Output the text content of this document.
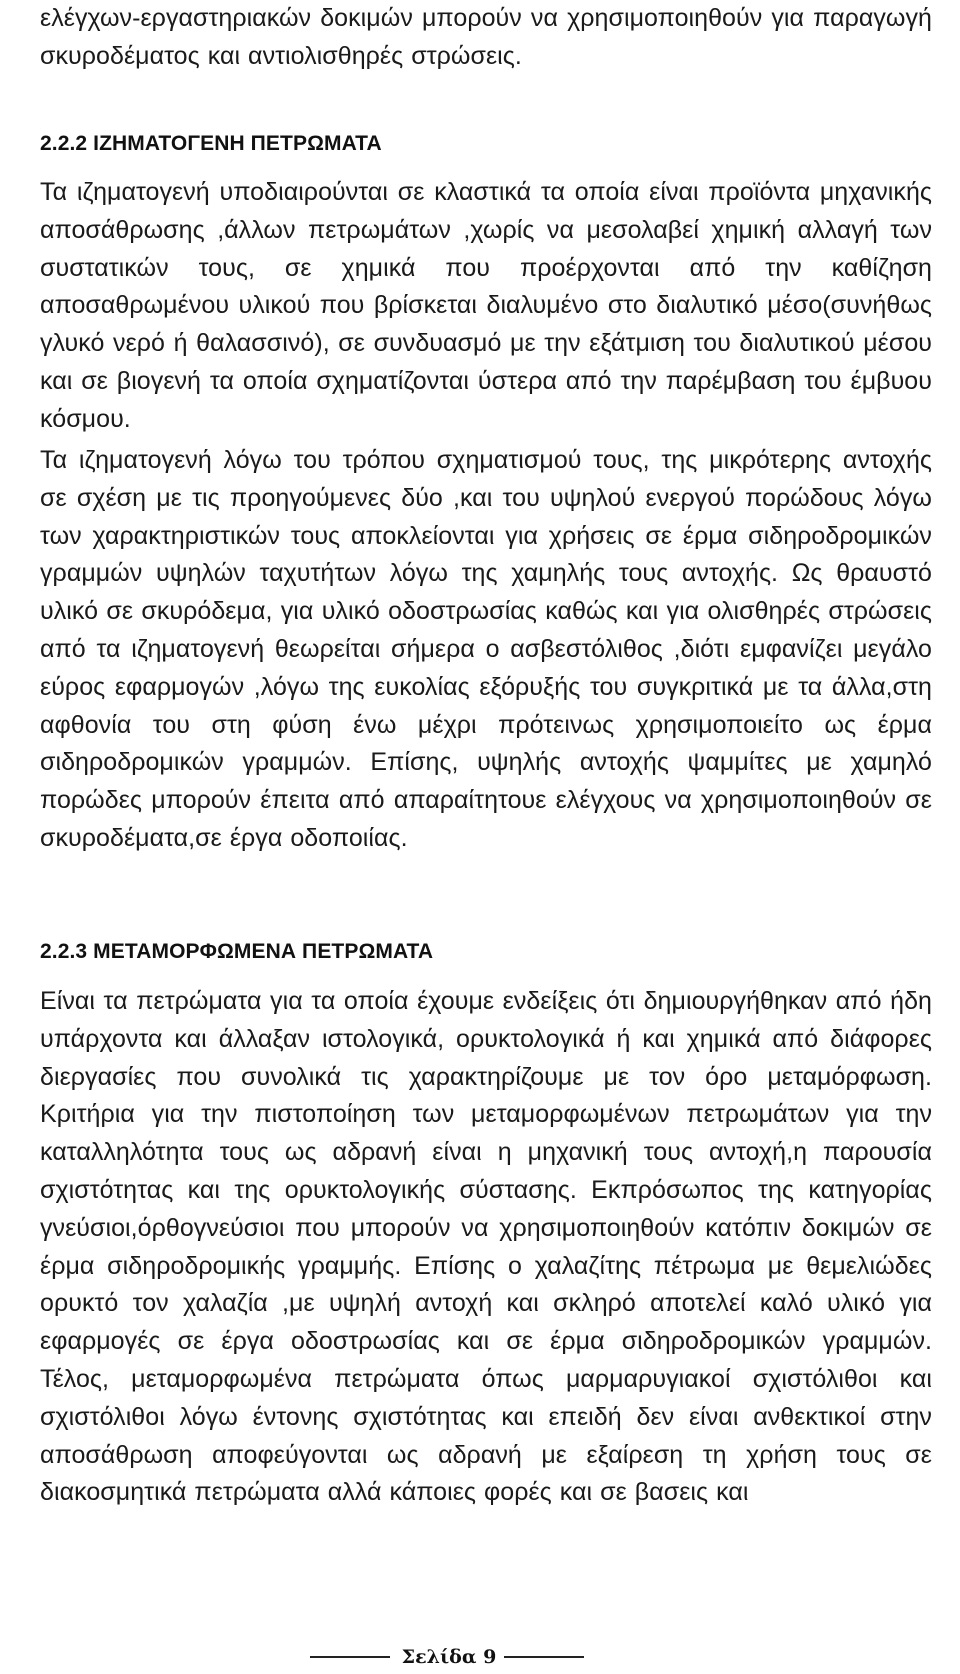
ελέγχων-εργαστηριακών δοκιμών μπορούν να χρησιμοποιηθούν για παραγωγή σκυροδέματος και αντιολισθηρές στρώσεις.

2.2.2 ΙΖΗΜΑΤΟΓΕΝΗ ΠΕΤΡΩΜΑΤΑ

Τα ιζηματογενή υποδιαιρούνται σε κλαστικά τα οποία είναι προϊόντα μηχανικής αποσάθρωσης ,άλλων πετρωμάτων ,χωρίς να μεσολαβεί χημική αλλαγή των συστατικών τους, σε χημικά που προέρχονται από την καθίζηση αποσαθρωμένου υλικού που βρίσκεται διαλυμένο στο διαλυτικό μέσο(συνήθως γλυκό νερό ή θαλασσινό), σε συνδυασμό με την εξάτμιση του διαλυτικού μέσου και σε βιογενή τα οποία σχηματίζονται ύστερα από την παρέμβαση του έμβυου κόσμου.

Τα ιζηματογενή λόγω του τρόπου σχηματισμού τους, της μικρότερης αντοχής σε σχέση με τις προηγούμενες δύο ,και του υψηλού ενεργού πορώδους λόγω των χαρακτηριστικών τους αποκλείονται για χρήσεις σε έρμα σιδηροδρομικών γραμμών υψηλών ταχυτήτων λόγω της χαμηλής τους αντοχής. Ως θραυστό υλικό σε σκυρόδεμα, για υλικό οδοστρωσίας καθώς και για ολισθηρές στρώσεις από τα ιζηματογενή θεωρείται σήμερα ο ασβεστόλιθος ,διότι εμφανίζει μεγάλο εύρος εφαρμογών ,λόγω της ευκολίας εξόρυξής του συγκριτικά με τα άλλα,στη αφθονία του στη φύση ένω μέχρι πρότεινως χρησιμοποιείτο ως έρμα σιδηροδρομικών γραμμών. Επίσης, υψηλής αντοχής ψαμμίτες με χαμηλό πορώδες μπορούν έπειτα από απαραίτητουε ελέγχους να χρησιμοποιηθούν σε σκυροδέματα,σε έργα οδοποιίας.

2.2.3 ΜΕΤΑΜΟΡΦΩΜΕΝΑ ΠΕΤΡΩΜΑΤΑ

Είναι τα πετρώματα για τα οποία έχουμε ενδείξεις ότι δημιουργήθηκαν από ήδη υπάρχοντα και άλλαξαν ιστολογικά, ορυκτολογικά ή και χημικά από διάφορες διεργασίες που συνολικά τις χαρακτηρίζουμε με τον όρο μεταμόρφωση. Κριτήρια για την πιστοποίηση των μεταμορφωμένων πετρωμάτων για την καταλληλότητα τους ως αδρανή είναι η μηχανική τους αντοχή,η παρουσία σχιστότητας και της ορυκτολογικής σύστασης. Εκπρόσωπος της κατηγορίας γνεύσιοι,όρθογνεύσιοι που μπορούν να χρησιμοποιηθούν κατόπιν δοκιμών σε έρμα σιδηροδρομικής γραμμής. Επίσης ο χαλαζίτης πέτρωμα με θεμελιώδες ορυκτό τον χαλαζία ,με υψηλή αντοχή και σκληρό αποτελεί καλό υλικό για εφαρμογές σε έργα οδοστρωσίας και σε έρμα σιδηροδρομικών γραμμών. Τέλος, μεταμορφωμένα πετρώματα όπως μαρμαρυγιακοί σχιστόλιθοι και σχιστόλιθοι λόγω έντονης σχιστότητας και επειδή δεν είναι ανθεκτικοί στην αποσάθρωση αποφεύγονται ως αδρανή με εξαίρεση τη χρήση τους σε διακοσμητικά πετρώματα αλλά κάποιες φορές και σε βασεις και

Σελίδα 9
